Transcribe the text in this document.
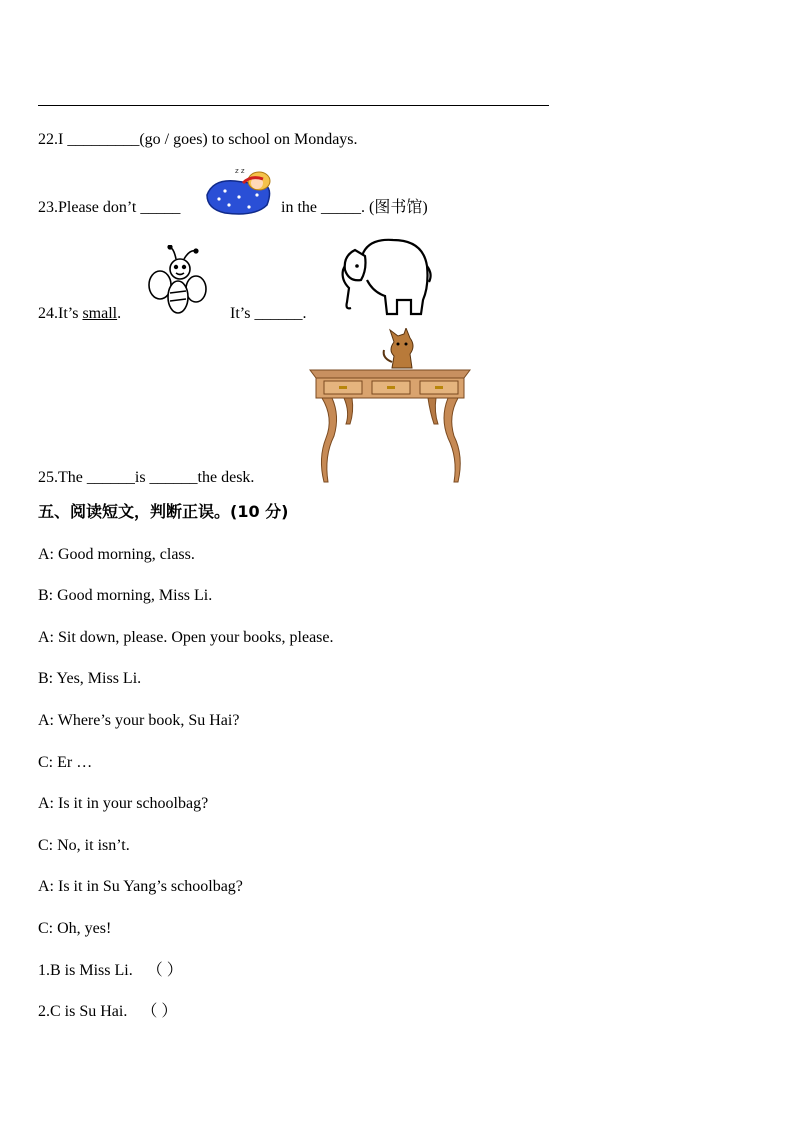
22.I _________(go / goes) to school on Mondays.
23.Please don’t _____
z z
in the _____. (图书馆)
24.It’s small.	It’s ______.
25.The ______is ______the desk.
五、阅读短文，判断正误。(10 分)
A: Good morning, class.
B: Good morning, Miss Li.
A: Sit down, please. Open your books, please.
B: Yes, Miss Li.
A: Where’s your book, Su Hai?
C: Er …
A: Is it in your schoolbag?
C: No, it isn’t.
A: Is it in Su Yang’s schoolbag?
C: Oh, yes!
1.B is Miss Li. （ ）
2.C is Su Hai. （ ）
